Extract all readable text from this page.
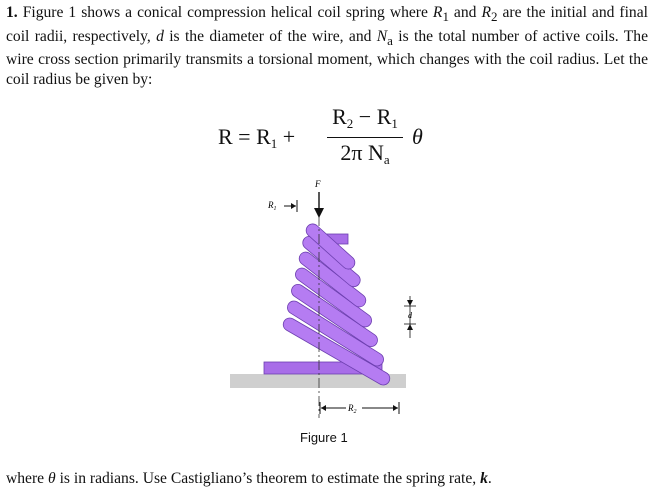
1. Figure 1 shows a conical compression helical coil spring where $R_1$ and $R_2$ are the initial and final coil radii, respectively, d is the diameter of the wire, and $N_a$ is the total number of active coils. The wire cross section primarily transmits a torsional moment, which changes with the coil radius. Let the coil radius be given by:
$R = R_1$ +
$R_2 - R_1$
2π $N_a$
θ
F
$R_1$
d
$R_2$
Figure 1
where θ is in radians. Use Castigliano’s theorem to estimate the spring rate, k.
